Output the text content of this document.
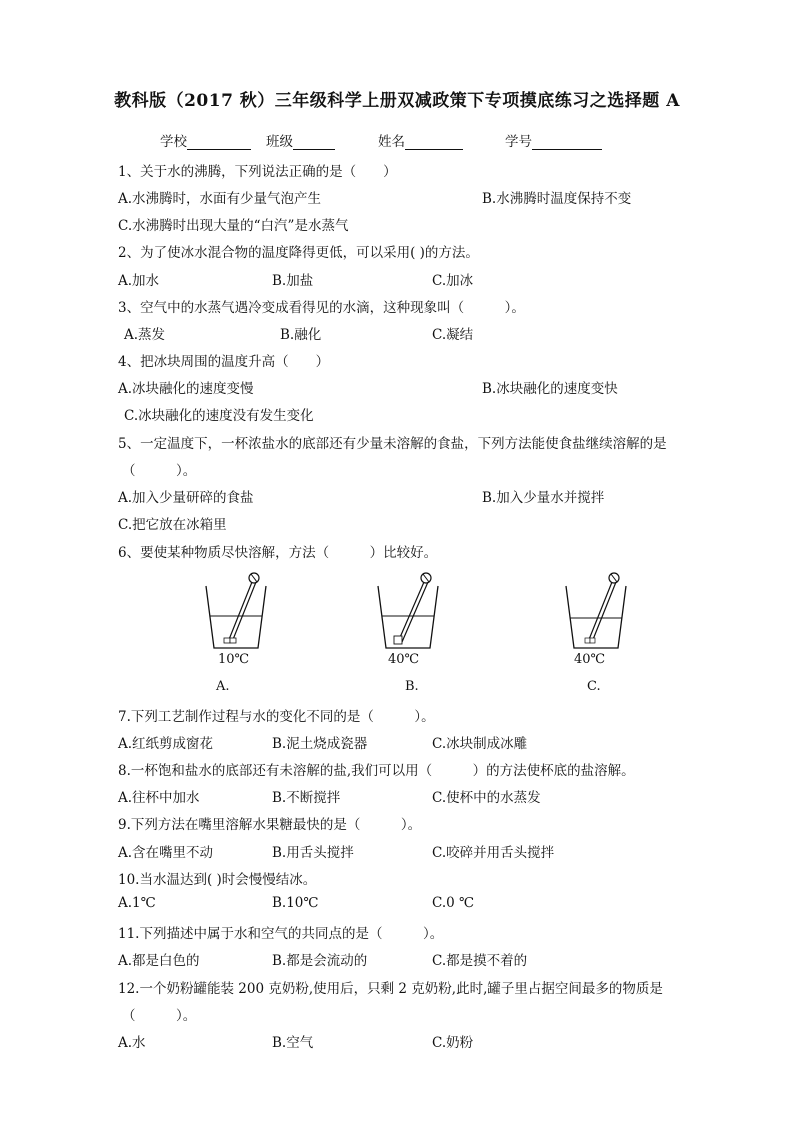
教科版（2017 秋）三年级科学上册双减政策下专项摸底练习之选择题 A
学校	班级	姓名	学号
1、关于水的沸腾，下列说法正确的是（　　）
A.水沸腾时，水面有少量气泡产生	B.水沸腾时温度保持不变
C.水沸腾时出现大量的“白汽”是水蒸气
2、为了使冰水混合物的温度降得更低，可以采用( )的方法。
A.加水	B.加盐	C.加冰
3、空气中的水蒸气遇冷变成看得见的水滴，这种现象叫（　　　）。
A.蒸发	B.融化	C.凝结
4、把冰块周围的温度升高（　　）
A.冰块融化的速度变慢	B.冰块融化的速度变快
C.冰块融化的速度没有发生变化
5、一定温度下，一杯浓盐水的底部还有少量未溶解的食盐，下列方法能使食盐继续溶解的是
（　　　）。
A.加入少量研碎的食盐	B.加入少量水并搅拌
C.把它放在冰箱里
6、要使某种物质尽快溶解，方法（　　　）比较好。
10℃
A.
40℃
B.
40℃
C.
7.下列工艺制作过程与水的变化不同的是（　　　）。
A.红纸剪成窗花	B.泥土烧成瓷器	C.冰块制成冰雕
8.一杯饱和盐水的底部还有未溶解的盐,我们可以用（　　　）的方法使杯底的盐溶解。
A.往杯中加水	B.不断搅拌	C.使杯中的水蒸发
9.下列方法在嘴里溶解水果糖最快的是（　　　）。
A.含在嘴里不动	B.用舌头搅拌	C.咬碎并用舌头搅拌
10.当水温达到( )时会慢慢结冰。
A.1℃	B.10℃	C.0 ℃
11.下列描述中属于水和空气的共同点的是（　　　）。
A.都是白色的	B.都是会流动的	C.都是摸不着的
12.一个奶粉罐能装 200 克奶粉,使用后，只剩 2 克奶粉,此时,罐子里占据空间最多的物质是
（　　　）。
A.水	B.空气	C.奶粉
